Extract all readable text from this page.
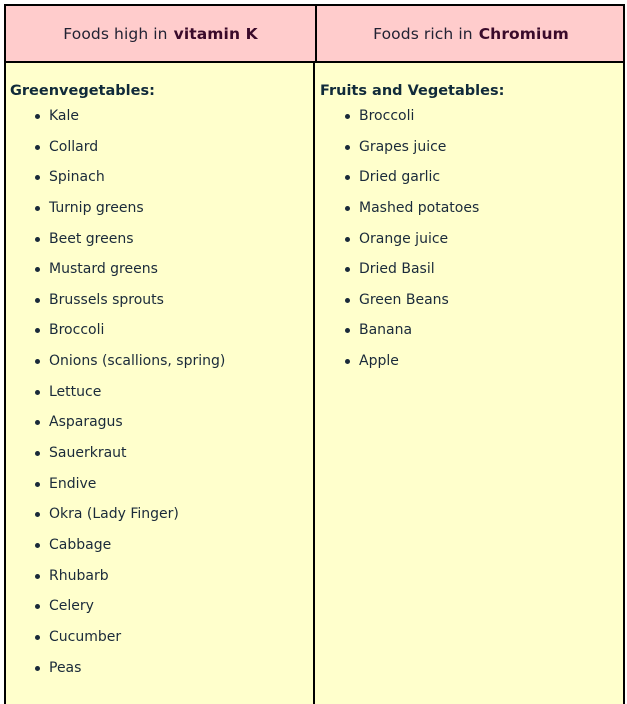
Foods high in vitamin K	Foods rich in Chromium

Greenvegetables:

Kale
Collard
Spinach
Turnip greens
Beet greens
Mustard greens
Brussels sprouts
Broccoli
Onions (scallions, spring)
Lettuce
Asparagus
Sauerkraut
Endive
Okra (Lady Finger)
Cabbage
Rhubarb
Celery
Cucumber
Peas

Fruits and Vegetables:

Broccoli
Grapes juice
Dried garlic
Mashed potatoes
Orange juice
Dried Basil
Green Beans
Banana
Apple
